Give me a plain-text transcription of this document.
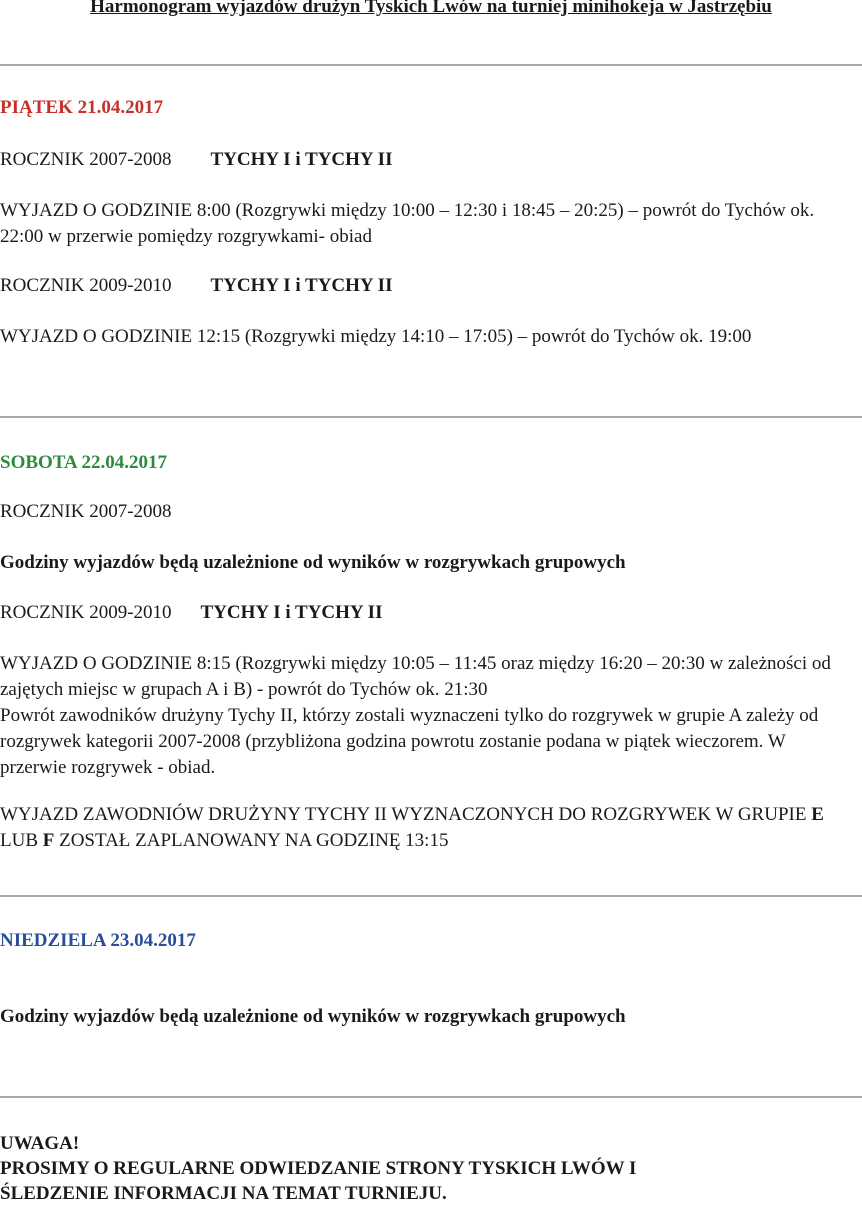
Harmonogram wyjazdów drużyn Tyskich Lwów na turniej minihokeja w Jastrzębiu
PIĄTEK 21.04.2017
ROCZNIK 2007-2008 TYCHY I i TYCHY II
WYJAZD O GODZINIE 8:00 (Rozgrywki między 10:00 – 12:30 i 18:45 – 20:25) – powrót do Tychów ok. 22:00 w przerwie pomiędzy rozgrywkami- obiad
ROCZNIK 2009-2010 TYCHY I i TYCHY II
WYJAZD O GODZINIE 12:15 (Rozgrywki między 14:10 – 17:05) – powrót do Tychów ok. 19:00
SOBOTA 22.04.2017
ROCZNIK 2007-2008
Godziny wyjazdów będą uzależnione od wyników w rozgrywkach grupowych
ROCZNIK 2009-2010 TYCHY I i TYCHY II
WYJAZD O GODZINIE 8:15 (Rozgrywki między 10:05 – 11:45 oraz między 16:20 – 20:30 w zależności od zajętych miejsc w grupach A i B) - powrót do Tychów ok. 21:30
Powrót zawodników drużyny Tychy II, którzy zostali wyznaczeni tylko do rozgrywek w grupie A zależy od rozgrywek kategorii 2007-2008 (przybliżona godzina powrotu zostanie podana w piątek wieczorem. W przerwie rozgrywek - obiad.
WYJAZD ZAWODNIÓW DRUŻYNY TYCHY II WYZNACZONYCH DO ROZGRYWEK W GRUPIE E LUB F ZOSTAŁ ZAPLANOWANY NA GODZINĘ 13:15
NIEDZIELA 23.04.2017
Godziny wyjazdów będą uzależnione od wyników w rozgrywkach grupowych
UWAGA!
PROSIMY O REGULARNE ODWIEDZANIE STRONY TYSKICH LWÓW I
ŚLEDZENIE INFORMACJI NA TEMAT TURNIEJU.
